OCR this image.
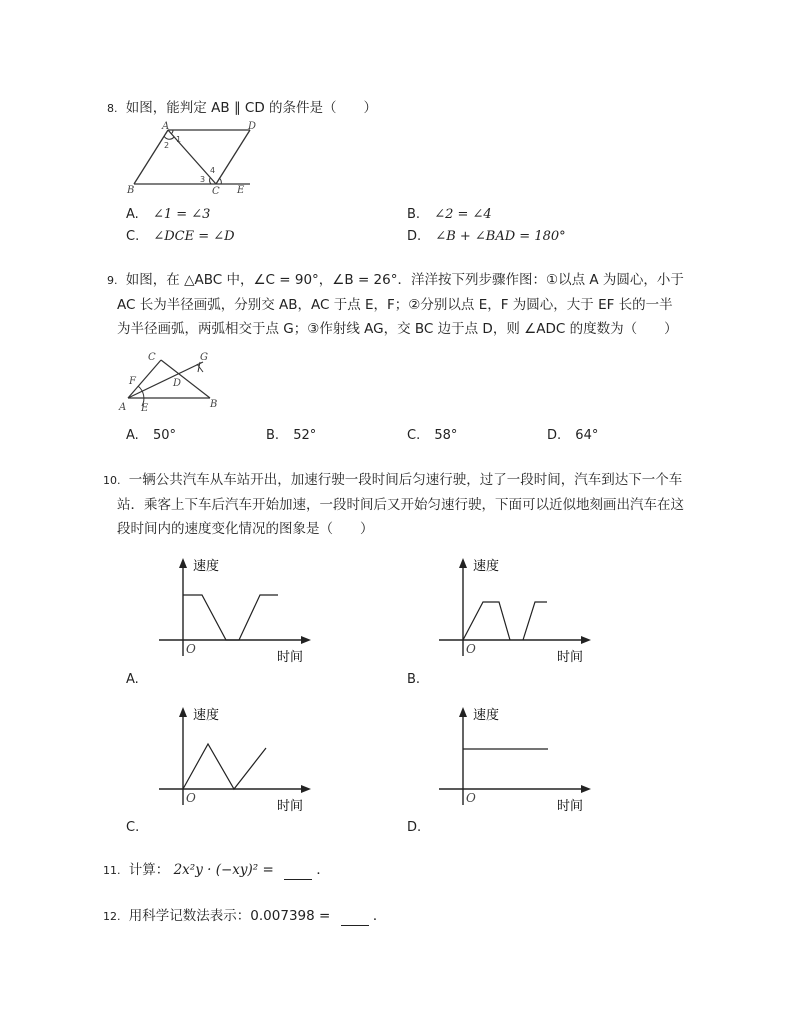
8. 如图，能判定 AB ∥ CD 的条件是（　　）
A	D
B	C E
1
2
3
4
A. ∠1 = ∠3	B. ∠2 = ∠4
C. ∠DCE = ∠D	D. ∠B + ∠BAD = 180°
9. 如图，在 △ABC 中，∠C = 90°，∠B = 26°．洋洋按下列步骤作图：①以点 A 为圆心，小于
AC 长为半径画弧，分别交 AB，AC 于点 E，F；②分别以点 E，F 为圆心，大于 EF 长的一半
为半径画弧，两弧相交于点 G；③作射线 AG，交 BC 边于点 D，则 ∠ADC 的度数为（　　）
C	G
F	D
A E	B
A. 50°	B. 52°	C. 58°	D. 64°
10. 一辆公共汽车从车站开出，加速行驶一段时间后匀速行驶，过了一段时间，汽车到达下一个车
站．乘客上下车后汽车开始加速，一段时间后又开始匀速行驶，下面可以近似地刻画出汽车在这
段时间内的速度变化情况的图象是（　　）
速度
时间
O
A.
速度
时间
O
B.
速度
时间
O
C.
速度
时间
O
D.
11. 计算： 2x²y · (−xy)² =	．
12. 用科学记数法表示：0.007398 =	．
